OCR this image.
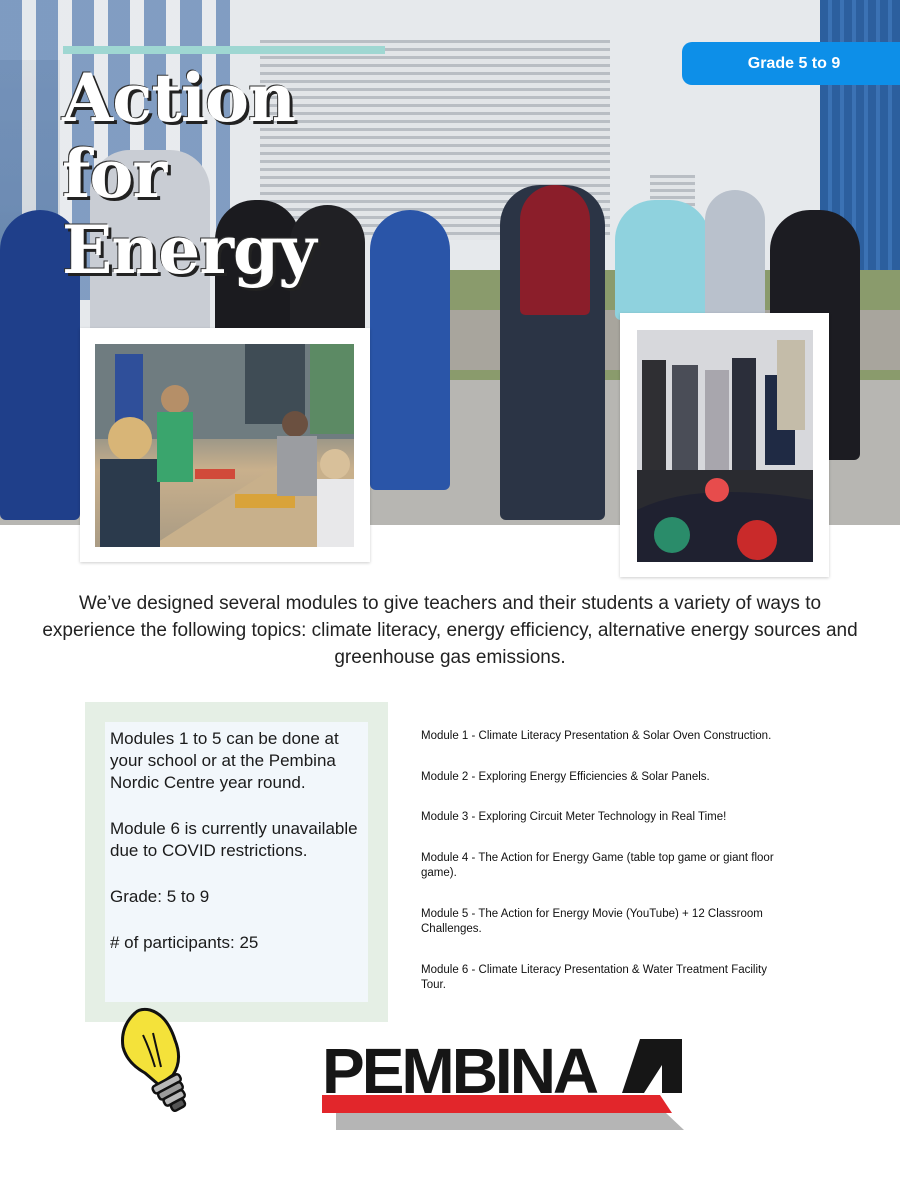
Action for
Energy
Grade 5 to 9
We’ve designed several modules to give teachers and their students a variety of ways to experience the following topics: climate literacy, energy efficiency, alternative energy sources and greenhouse gas emissions.

Modules 1 to 5 can be done at your school or at the Pembina Nordic Centre year round.

Module 6 is currently unavailable due to COVID restrictions.

Grade: 5 to 9

# of participants: 25

Module 1 - Climate Literacy Presentation & Solar Oven Construction.
Module 2 - Exploring Energy Efficiencies & Solar Panels.
Module 3 - Exploring Circuit Meter Technology in Real Time!
Module 4 - The Action for Energy Game (table top game or giant floor game).
Module 5 - The Action for Energy Movie (YouTube) + 12 Classroom Challenges.
Module 6 - Climate Literacy Presentation & Water Treatment Facility Tour.
PEMBINA
